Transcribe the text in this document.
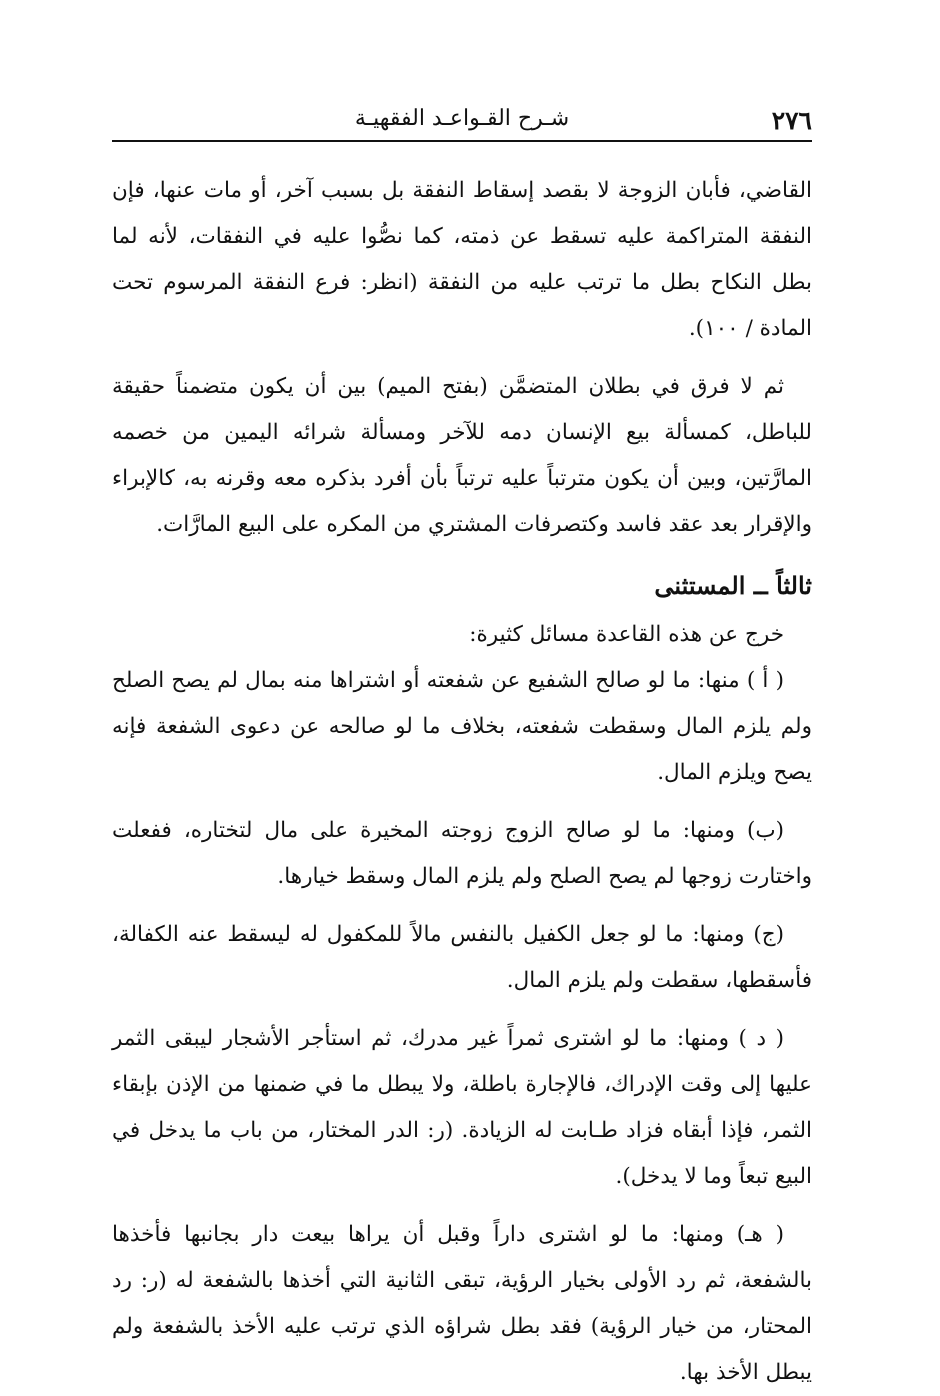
٢٧٦
شـرح القـواعـد الفقهيـة

القاضي، فأبان الزوجة لا بقصد إسقاط النفقة بل بسبب آخر، أو مات عنها، فإن النفقة المتراكمة عليه تسقط عن ذمته، كما نصُّوا عليه في النفقات، لأنه لما بطل النكاح بطل ما ترتب عليه من النفقة (انظر: فرع النفقة المرسوم تحت المادة / ١٠٠).

ثم لا فرق في بطلان المتضمَّن (بفتح الميم) بين أن يكون متضمناً حقيقة للباطل، كمسألة بيع الإنسان دمه للآخر ومسألة شرائه اليمين من خصمه المارَّتين، وبين أن يكون مترتباً عليه ترتباً بأن أفرد بذكره معه وقرنه به، كالإبراء والإقرار بعد عقد فاسد وكتصرفات المشتري من المكره على البيع المارَّات.

ثالثاً ــ المستثنى

خرج عن هذه القاعدة مسائل كثيرة:

( أ ) منها: ما لو صالح الشفيع عن شفعته أو اشتراها منه بمال لم يصح الصلح ولم يلزم المال وسقطت شفعته، بخلاف ما لو صالحه عن دعوى الشفعة فإنه يصح ويلزم المال.

(ب) ومنها: ما لو صالح الزوج زوجته المخيرة على مال لتختاره، ففعلت واختارت زوجها لم يصح الصلح ولم يلزم المال وسقط خيارها.

(ج) ومنها: ما لو جعل الكفيل بالنفس مالاً للمكفول له ليسقط عنه الكفالة، فأسقطها، سقطت ولم يلزم المال.

( د ) ومنها: ما لو اشترى ثمراً غير مدرك، ثم استأجر الأشجار ليبقى الثمر عليها إلى وقت الإدراك، فالإجارة باطلة، ولا يبطل ما في ضمنها من الإذن بإبقاء الثمر، فإذا أبقاه فزاد طـابت له الزيادة. (ر: الدر المختار، من باب ما يدخل في البيع تبعاً وما لا يدخل).

( هـ) ومنها: ما لو اشترى داراً وقبل أن يراها بيعت دار بجانبها فأخذها بالشفعة، ثم رد الأولى بخيار الرؤية، تبقى الثانية التي أخذها بالشفعة له (ر: رد المحتار، من خيار الرؤية) فقد بطل شراؤه الذي ترتب عليه الأخذ بالشفعة ولم يبطل الأخذ بها.
